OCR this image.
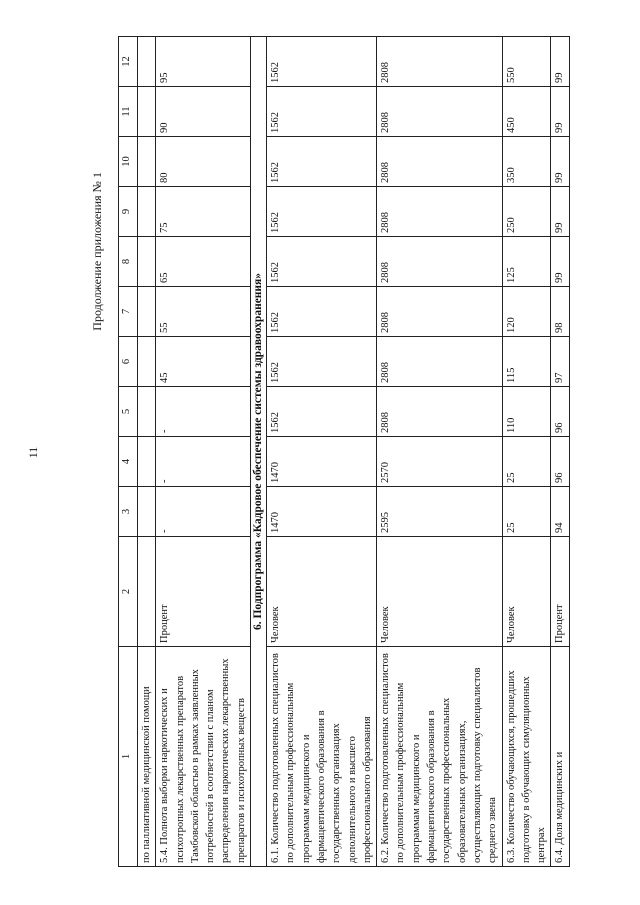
11
Продолжение приложения № 1
1	2	3	4	5	6	7	8	9	10	11	12
по паллиативной медицинской помощи											
5.4. Полнота выборки наркотических и психотропных лекарственных препаратов Тамбовской областью в рамках заявленных потребностей в соответствии с планом распределения наркотических лекарственных препаратов и психотропных веществ	Процент	-	-	-	45	55	65	75	80	90	95
6. Подпрограмма «Кадровое обеспечение системы здравоохранения»											
6.1. Количество подготовленных специалистов по дополнительным профессиональным программам медицинского и фармацевтического образования в государственных организациях дополнительного и высшего профессионального образования	Человек	1470	1470	1562	1562	1562	1562	1562	1562	1562	1562
6.2. Количество подготовленных специалистов по дополнительным профессиональным программам медицинского и фармацевтического образования в государственных профессиональных образовательных организациях, осуществляющих подготовку специалистов среднего звена	Человек	2595	2570	2808	2808	2808	2808	2808	2808	2808	2808
6.3. Количество обучающихся, прошедших подготовку в обучающих симуляционных центрах	Человек	25	25	110	115	120	125	250	350	450	550
6.4. Доля медицинских и	Процент	94	96	96	97	98	99	99	99	99	99
